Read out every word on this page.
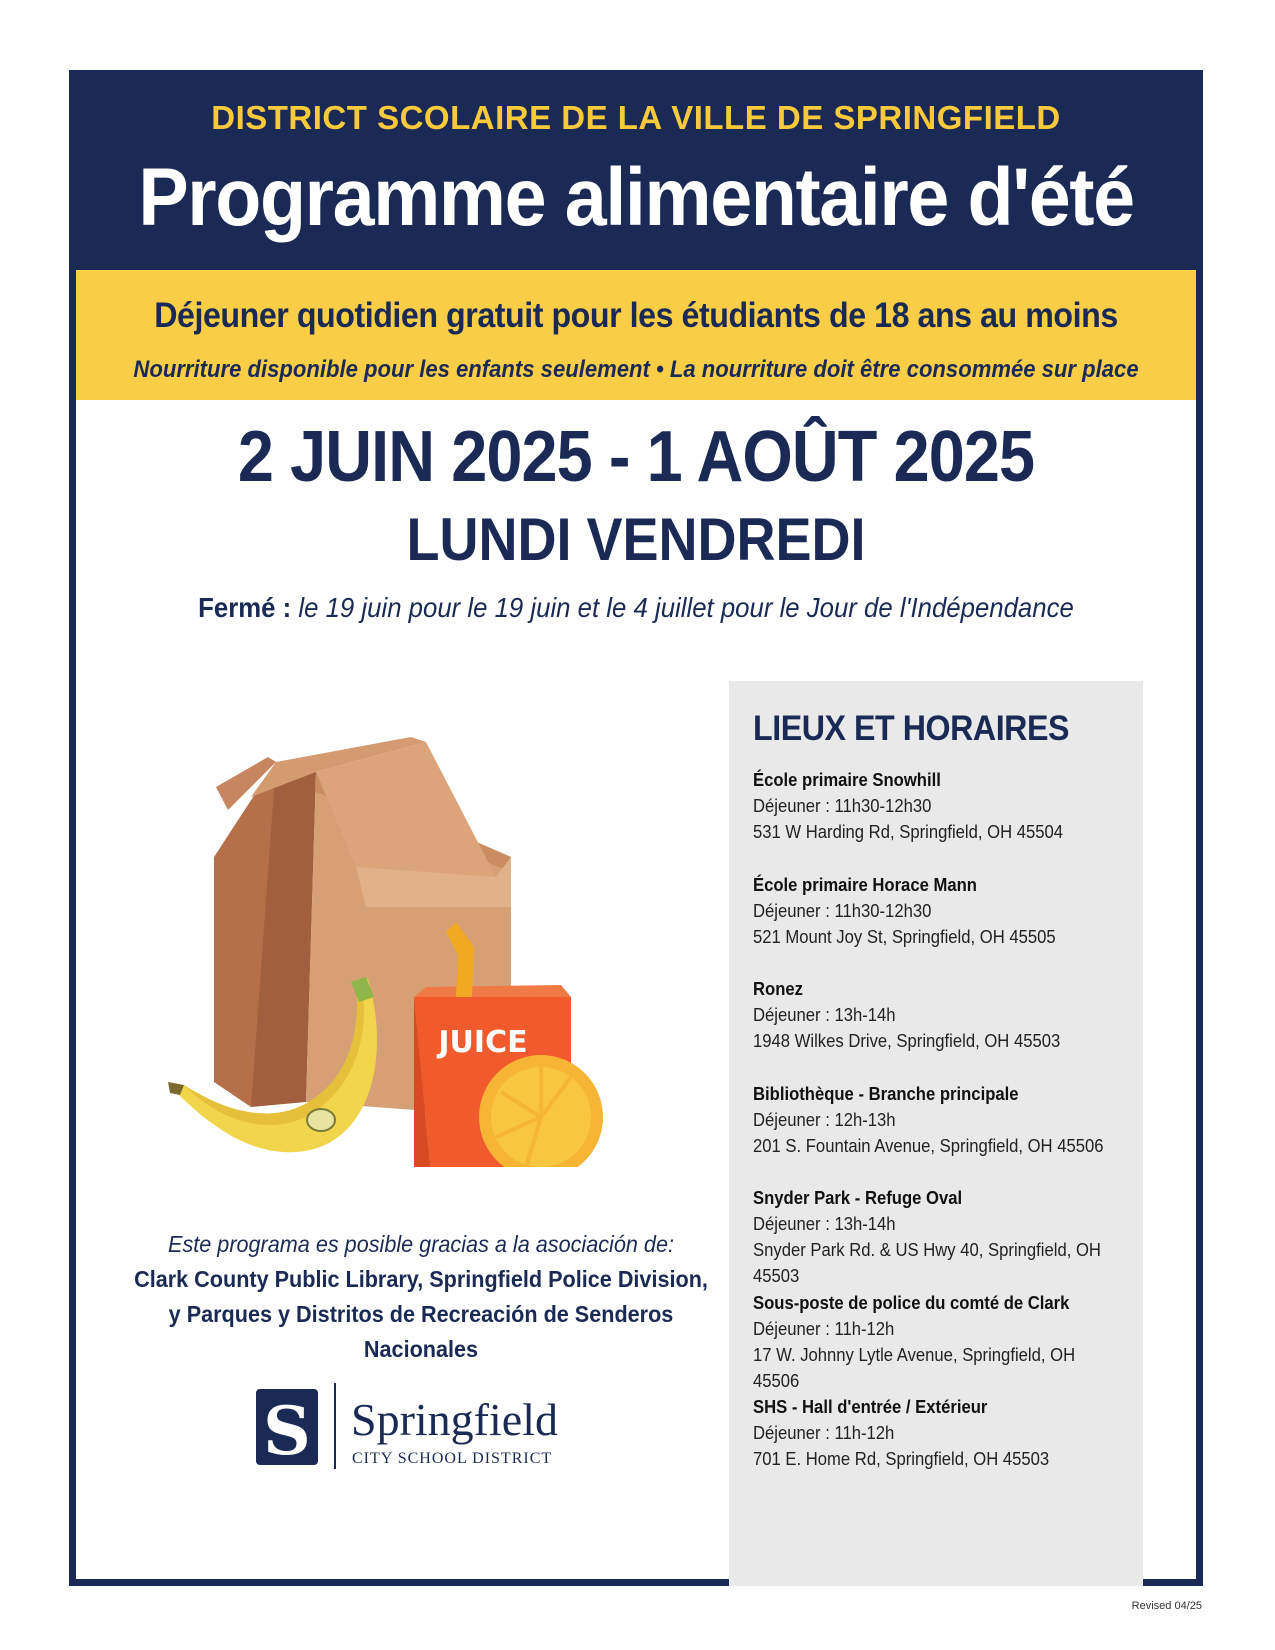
DISTRICT SCOLAIRE DE LA VILLE DE SPRINGFIELD
Programme alimentaire d'été
Déjeuner quotidien gratuit pour les étudiants de 18 ans au moins
Nourriture disponible pour les enfants seulement • La nourriture doit être consommée sur place
2 JUIN 2025 - 1 AOÛT 2025
LUNDI VENDREDI
Fermé : le 19 juin pour le 19 juin et le 4 juillet pour le Jour de l'Indépendance
JUICE
Este programa es posible gracias a la asociación de:
Clark County Public Library, Springfield Police Division,
y Parques y Distritos de Recreación de Senderos Nacionales
S Springfield
CITY SCHOOL DISTRICT
LIEUX ET HORAIRES
École primaire Snowhill
Déjeuner : 11h30-12h30
531 W Harding Rd, Springfield, OH 45504
École primaire Horace Mann
Déjeuner : 11h30-12h30
521 Mount Joy St, Springfield, OH 45505
Ronez
Déjeuner : 13h-14h
1948 Wilkes Drive, Springfield, OH 45503
Bibliothèque - Branche principale
Déjeuner : 12h-13h
201 S. Fountain Avenue, Springfield, OH 45506
Snyder Park - Refuge Oval
Déjeuner : 13h-14h
Snyder Park Rd. & US Hwy 40, Springfield, OH 45503
Sous-poste de police du comté de Clark
Déjeuner : 11h-12h
17 W. Johnny Lytle Avenue, Springfield, OH 45506
SHS - Hall d'entrée / Extérieur
Déjeuner : 11h-12h
701 E. Home Rd, Springfield, OH 45503
Revised 04/25
